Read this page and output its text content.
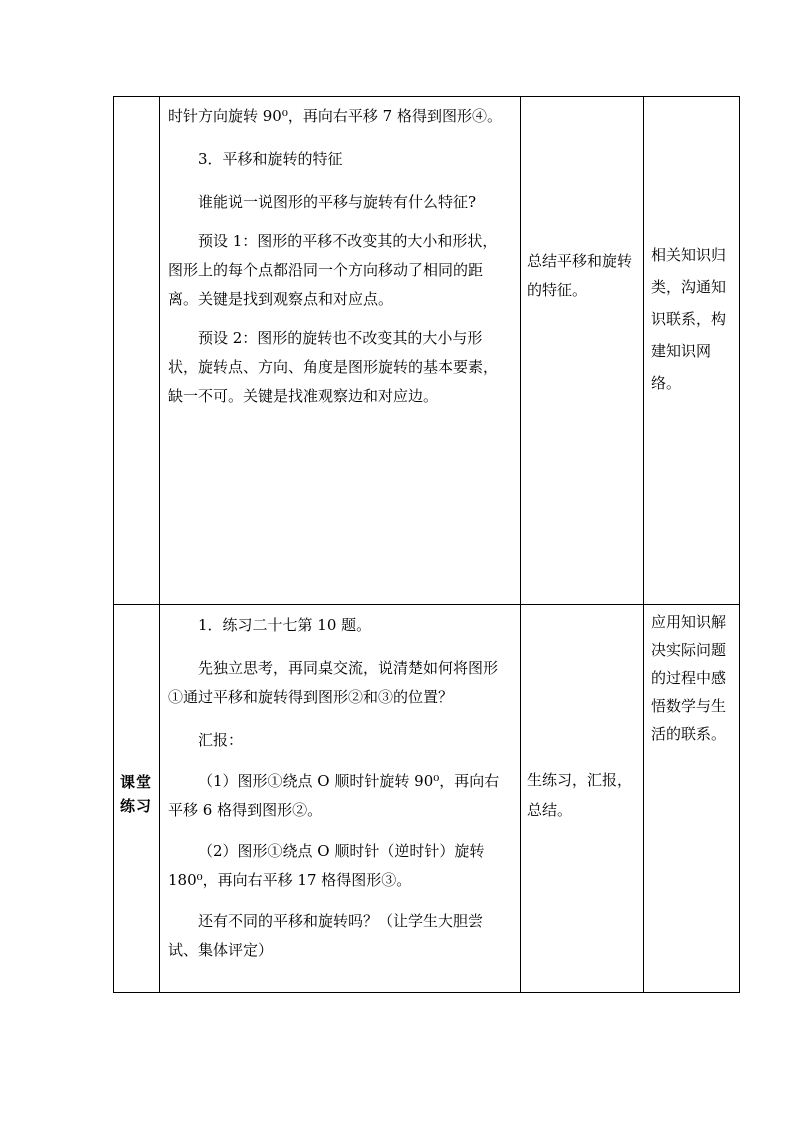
时针方向旋转 90⁰，再向右平移 7 格得到图形④。

3．平移和旋转的特征

谁能说一说图形的平移与旋转有什么特征?

预设 1：图形的平移不改变其的大小和形状，图形上的每个点都沿同一个方向移动了相同的距离。关键是找到观察点和对应点。

预设 2：图形的旋转也不改变其的大小与形状，旋转点、方向、角度是图形旋转的基本要素，缺一不可。关键是找准观察边和对应边。

总结平移和旋转的特征。
相关知识归类，沟通知识联系，构建知识网络。
课堂练习

1．练习二十七第 10 题。

先独立思考，再同桌交流，说清楚如何将图形①通过平移和旋转得到图形②和③的位置？

汇报：

（1）图形①绕点 O 顺时针旋转 90⁰，再向右平移 6 格得到图形②。

（2）图形①绕点 O 顺时针（逆时针）旋转 180⁰，再向右平移 17 格得图形③。

还有不同的平移和旋转吗？（让学生大胆尝试、集体评定）

生练习，汇报，总结。
应用知识解决实际问题的过程中感悟数学与生活的联系。
